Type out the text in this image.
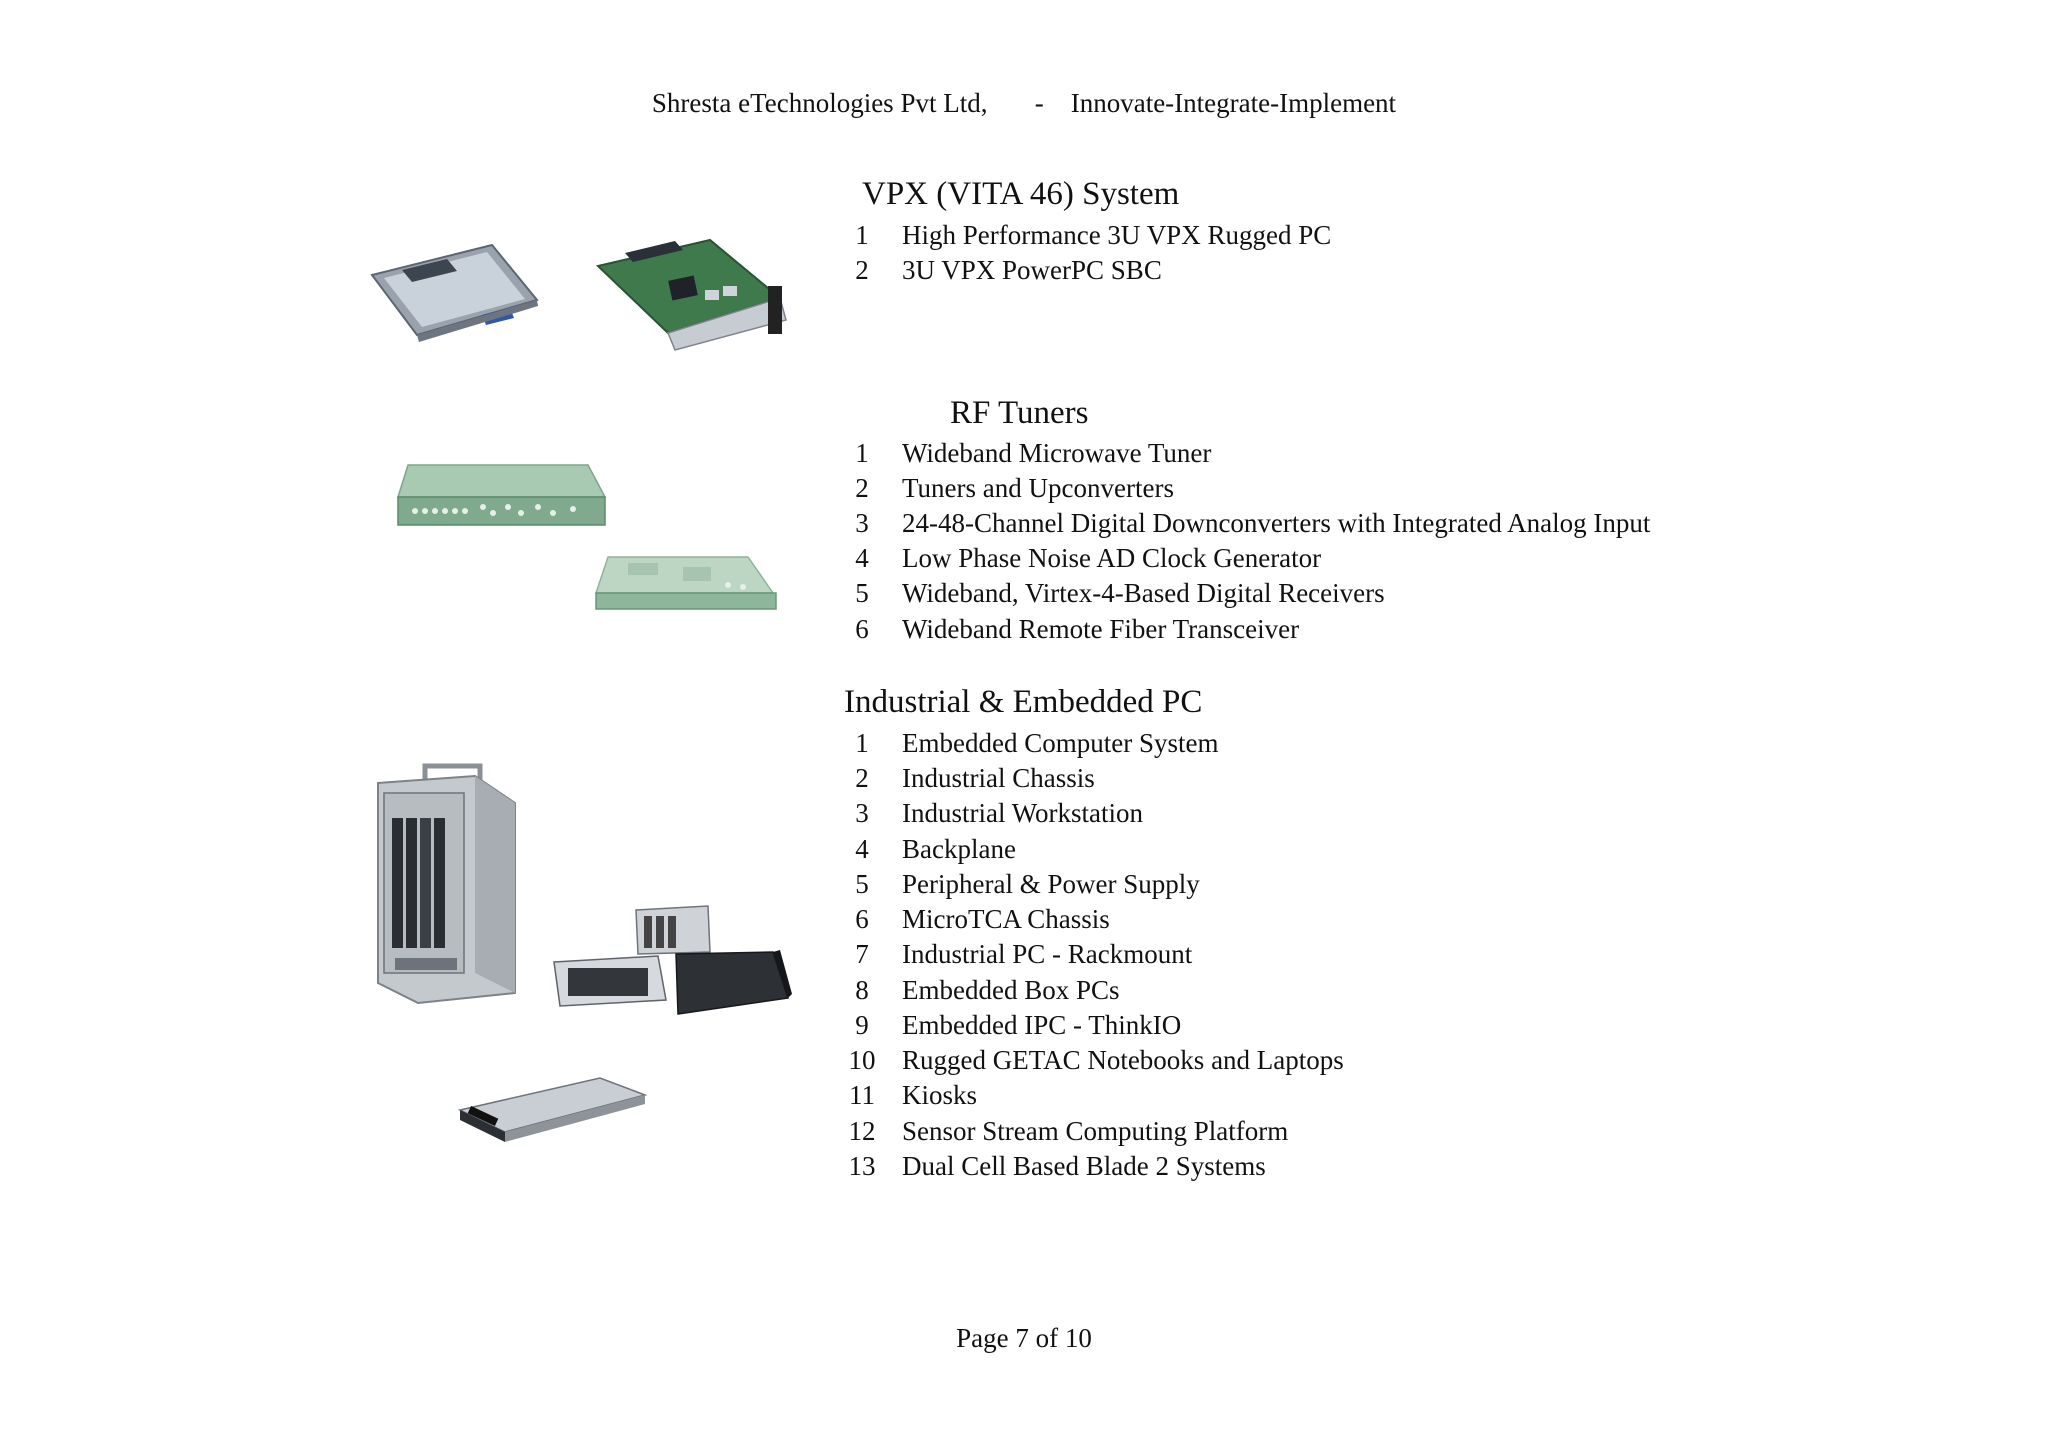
Shresta eTechnologies Pvt Ltd, - Innovate-Integrate-Implement
VPX (VITA 46) System
1	High Performance 3U VPX Rugged PC
2	3U VPX PowerPC SBC
RF Tuners
1	Wideband Microwave Tuner
2	Tuners and Upconverters
3	24-48-Channel Digital Downconverters with Integrated Analog Input
4	Low Phase Noise AD Clock Generator
5	Wideband, Virtex-4-Based Digital Receivers
6	Wideband Remote Fiber Transceiver
Industrial & Embedded PC
1	Embedded Computer System
2	Industrial Chassis
3	Industrial Workstation
4	Backplane
5	Peripheral & Power Supply
6	MicroTCA Chassis
7	Industrial PC - Rackmount
8	Embedded Box PCs
9	Embedded IPC - ThinkIO
10 Rugged GETAC Notebooks and Laptops
11	Kiosks
12 Sensor Stream Computing Platform
13 Dual Cell Based Blade 2 Systems
Page 7 of 10
